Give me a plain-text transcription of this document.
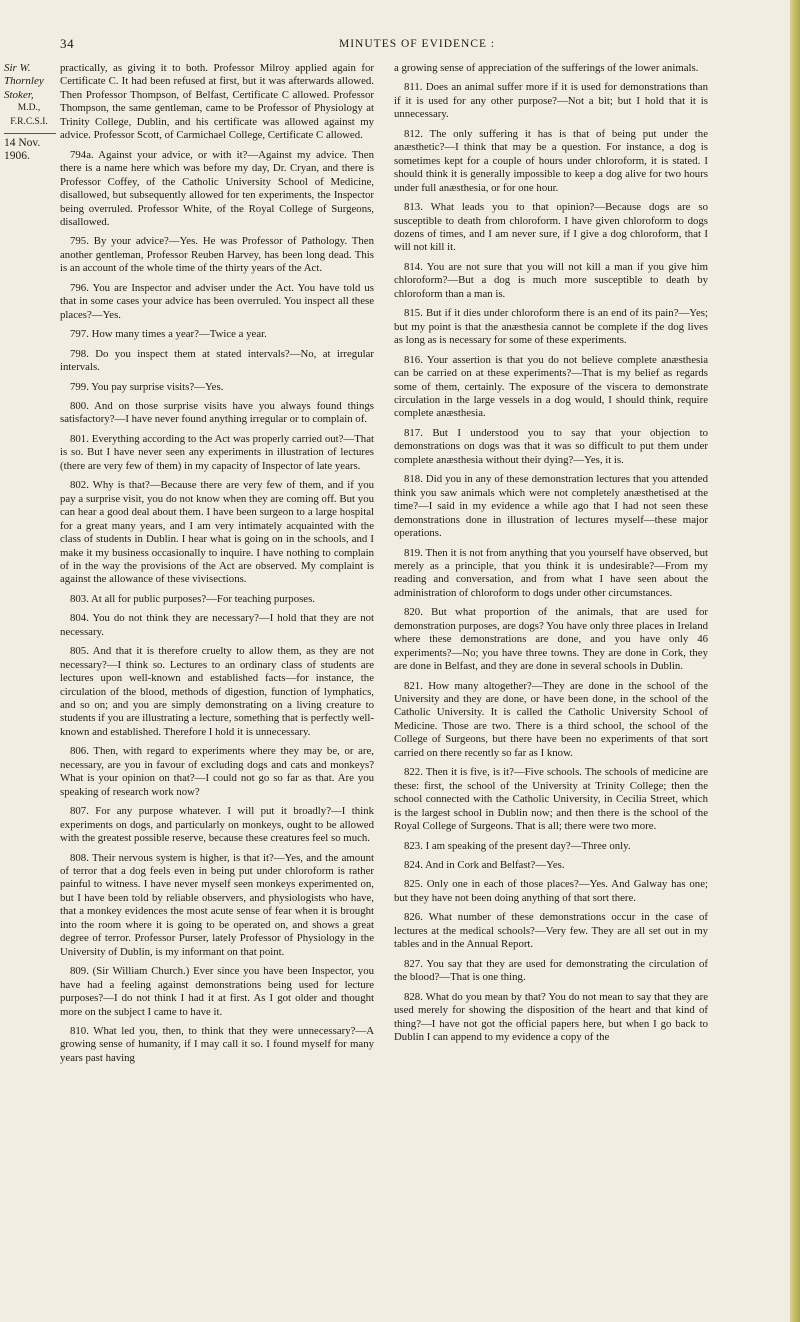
34	MINUTES OF EVIDENCE :
Sir W.
Thornley
Stoker,
M.D.,
F.R.C.S.I.
14 Nov. 1906.

practically, as giving it to both. Professor Milroy applied again for Certificate C. It had been refused at first, but it was afterwards allowed. Then Professor Thompson, of Belfast, Certificate C allowed. Professor Thompson, the same gentleman, came to be Professor of Physiology at Trinity College, Dublin, and his certificate was allowed against my advice. Professor Scott, of Carmichael College, Certificate C allowed.

794a. Against your advice, or with it?—Against my advice. Then there is a name here which was before my day, Dr. Cryan, and there is Professor Coffey, of the Catholic University School of Medicine, disallowed, but subsequently allowed for ten experiments, the Inspector being overruled. Professor White, of the Royal College of Surgeons, disallowed.

795. By your advice?—Yes. He was Professor of Pathology. Then another gentleman, Professor Reuben Harvey, has been long dead. This is an account of the whole time of the thirty years of the Act.

796. You are Inspector and adviser under the Act. You have told us that in some cases your advice has been overruled. You inspect all these places?—Yes.

797. How many times a year?—Twice a year.

798. Do you inspect them at stated intervals?—No, at irregular intervals.

799. You pay surprise visits?—Yes.

800. And on those surprise visits have you always found things satisfactory?—I have never found anything irregular or to complain of.

801. Everything according to the Act was properly carried out?—That is so. But I have never seen any experiments in illustration of lectures (there are very few of them) in my capacity of Inspector of late years.

802. Why is that?—Because there are very few of them, and if you pay a surprise visit, you do not know when they are coming off. But you can hear a good deal about them. I have been surgeon to a large hospital for a great many years, and I am very intimately acquainted with the class of students in Dublin. I hear what is going on in the schools, and I make it my business occasionally to inquire. I have nothing to complain of in the way the provisions of the Act are observed. My complaint is against the allowance of these vivisections.

803. At all for public purposes?—For teaching purposes.

804. You do not think they are necessary?—I hold that they are not necessary.

805. And that it is therefore cruelty to allow them, as they are not necessary?—I think so. Lectures to an ordinary class of students are lectures upon well-known and established facts—for instance, the circulation of the blood, methods of digestion, function of lymphatics, and so on; and you are simply demonstrating on a living creature to students if you are illustrating a lecture, something that is perfectly well-known and established. Therefore I hold it is unnecessary.

806. Then, with regard to experiments where they may be, or are, necessary, are you in favour of excluding dogs and cats and monkeys? What is your opinion on that?—I could not go so far as that. Are you speaking of research work now?

807. For any purpose whatever. I will put it broadly?—I think experiments on dogs, and particularly on monkeys, ought to be allowed with the greatest possible reserve, because these creatures feel so much.

808. Their nervous system is higher, is that it?—Yes, and the amount of terror that a dog feels even in being put under chloroform is rather painful to witness. I have never myself seen monkeys experimented on, but I have been told by reliable observers, and physiologists who have, that a monkey evidences the most acute sense of fear when it is brought into the room where it is going to be operated on, and shows a great degree of terror. Professor Purser, lately Professor of Physiology in the University of Dublin, is my informant on that point.

809. (Sir William Church.) Ever since you have been Inspector, you have had a feeling against demonstrations being used for lecture purposes?—I do not think I had it at first. As I got older and thought more on the subject I came to have it.

810. What led you, then, to think that they were unnecessary?—A growing sense of humanity, if I may call it so. I found myself for many years past having

a growing sense of appreciation of the sufferings of the lower animals.

811. Does an animal suffer more if it is used for demonstrations than if it is used for any other purpose?—Not a bit; but I hold that it is unnecessary.

812. The only suffering it has is that of being put under the anæsthetic?—I think that may be a question. For instance, a dog is sometimes kept for a couple of hours under chloroform, it is stated. I should think it is generally impossible to keep a dog alive for two hours under full anæsthesia, or for one hour.

813. What leads you to that opinion?—Because dogs are so susceptible to death from chloroform. I have given chloroform to dogs dozens of times, and I am never sure, if I give a dog chloroform, that I will not kill it.

814. You are not sure that you will not kill a man if you give him chloroform?—But a dog is much more susceptible to death by chloroform than a man is.

815. But if it dies under chloroform there is an end of its pain?—Yes; but my point is that the anæsthesia cannot be complete if the dog lives as long as is necessary for some of these experiments.

816. Your assertion is that you do not believe complete anæsthesia can be carried on at these experiments?—That is my belief as regards some of them, certainly. The exposure of the viscera to demonstrate circulation in the large vessels in a dog would, I should think, require complete anæsthesia.

817. But I understood you to say that your objection to demonstrations on dogs was that it was so difficult to put them under complete anæsthesia without their dying?—Yes, it is.

818. Did you in any of these demonstration lectures that you attended think you saw animals which were not completely anæsthetised at the time?—I said in my evidence a while ago that I had not seen these demonstrations done in illustration of lectures myself—these major operations.

819. Then it is not from anything that you yourself have observed, but merely as a principle, that you think it is undesirable?—From my reading and conversation, and from what I have seen about the administration of chloroform to dogs under other circumstances.

820. But what proportion of the animals, that are used for demonstration purposes, are dogs? You have only three places in Ireland where these demonstrations are done, and you have only 46 experiments?—No; you have three towns. They are done in Cork, they are done in Belfast, and they are done in several schools in Dublin.

821. How many altogether?—They are done in the school of the University and they are done, or have been done, in the school of the Catholic University. It is called the Catholic University School of Medicine. Those are two. There is a third school, the school of the College of Surgeons, but there have been no experiments of that sort carried on there recently so far as I know.

822. Then it is five, is it?—Five schools. The schools of medicine are these: first, the school of the University at Trinity College; then the school connected with the Catholic University, in Cecilia Street, which is the largest school in Dublin now; and then there is the school of the Royal College of Surgeons. That is all; there were two more.

823. I am speaking of the present day?—Three only.

824. And in Cork and Belfast?—Yes.

825. Only one in each of those places?—Yes. And Galway has one; but they have not been doing anything of that sort there.

826. What number of these demonstrations occur in the case of lectures at the medical schools?—Very few. They are all set out in my tables and in the Annual Report.

827. You say that they are used for demonstrating the circulation of the blood?—That is one thing.

828. What do you mean by that? You do not mean to say that they are used merely for showing the disposition of the heart and that kind of thing?—I have not got the official papers here, but when I go back to Dublin I can append to my evidence a copy of the
